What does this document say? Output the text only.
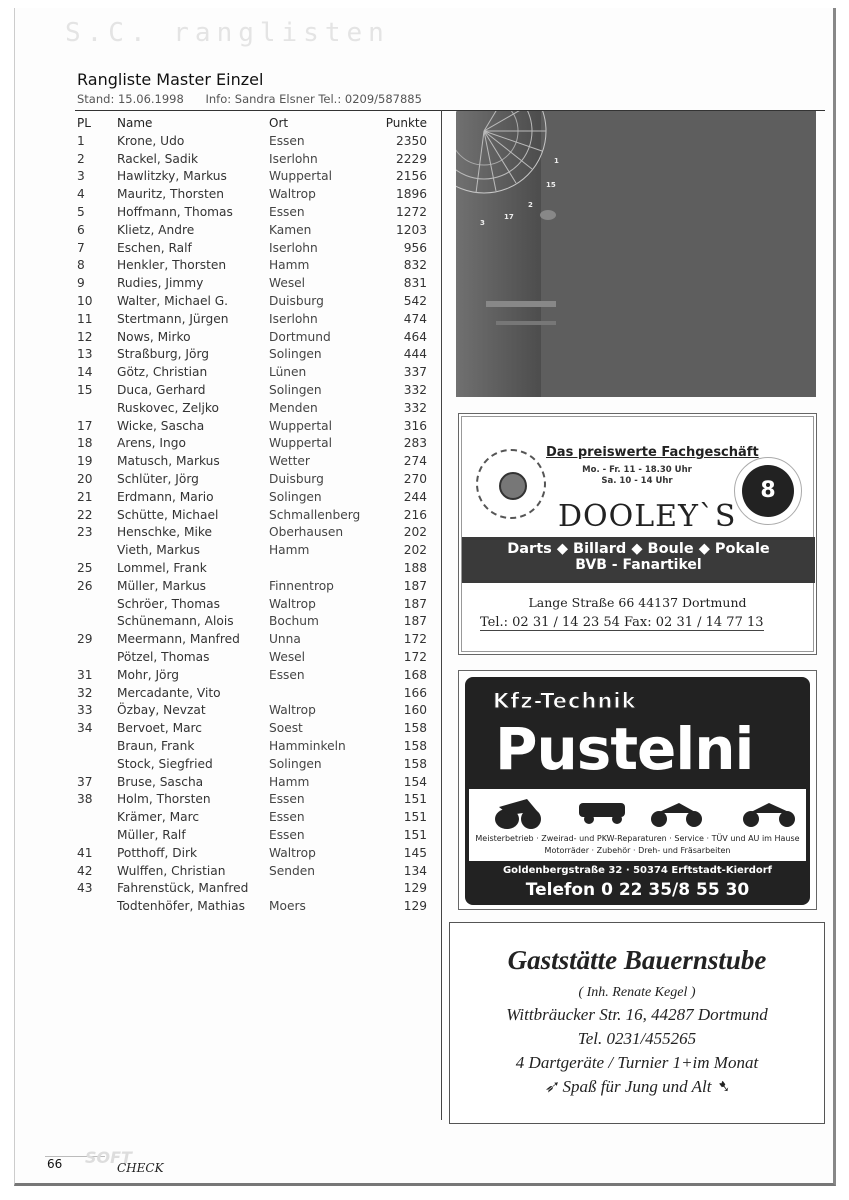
S.C. ranglisten
Rangliste Master Einzel
Stand: 15.06.1998 Info: Sandra Elsner Tel.: 0209/587885
PL	Name	Ort	Punkte
1	Krone, Udo	Essen	2350
2	Rackel, Sadik	Iserlohn	2229
3	Hawlitzky, Markus	Wuppertal	2156
4	Mauritz, Thorsten	Waltrop	1896
5	Hoffmann, Thomas	Essen	1272
6	Klietz, Andre	Kamen	1203
7	Eschen, Ralf	Iserlohn	956
8	Henkler, Thorsten	Hamm	832
9	Rudies, Jimmy	Wesel	831
10	Walter, Michael G.	Duisburg	542
11	Stertmann, Jürgen	Iserlohn	474
12	Nows, Mirko	Dortmund	464
13	Straßburg, Jörg	Solingen	444
14	Götz, Christian	Lünen	337
15	Duca, Gerhard	Solingen	332
	Ruskovec, Zeljko	Menden	332
17	Wicke, Sascha	Wuppertal	316
18	Arens, Ingo	Wuppertal	283
19	Matusch, Markus	Wetter	274
20	Schlüter, Jörg	Duisburg	270
21	Erdmann, Mario	Solingen	244
22	Schütte, Michael	Schmallenberg	216
23	Henschke, Mike	Oberhausen	202
	Vieth, Markus	Hamm	202
25	Lommel, Frank		188
26	Müller, Markus	Finnentrop	187
	Schröer, Thomas	Waltrop	187
	Schünemann, Alois	Bochum	187
29	Meermann, Manfred	Unna	172
	Pötzel, Thomas	Wesel	172
31	Mohr, Jörg	Essen	168
32	Mercadante, Vito		166
33	Özbay, Nevzat	Waltrop	160
34	Bervoet, Marc	Soest	158
	Braun, Frank	Hamminkeln	158
	Stock, Siegfried	Solingen	158
37	Bruse, Sascha	Hamm	154
38	Holm, Thorsten	Essen	151
	Krämer, Marc	Essen	151
	Müller, Ralf	Essen	151
41	Potthoff, Dirk	Waltrop	145
42	Wulffen, Christian	Senden	134
43	Fahrenstück, Manfred		129
	Todtenhöfer, Mathias	Moers	129
15
2
17
3
1
Das preiswerte Fachgeschäft
Mo. - Fr. 11 - 18.30 Uhr
Sa. 10 - 14 Uhr	8
DOOLEY`S
Darts ◆ Billard ◆ Boule ◆ Pokale
BVB - Fanartikel
Lange Straße 66 44137 Dortmund
Tel.: 02 31 / 14 23 54 Fax: 02 31 / 14 77 13
Kfz-Technik
Pustelni
Meisterbetrieb · Zweirad- und PKW-Reparaturen · Service · TÜV und AU im Hause
Motorräder · Zubehör · Dreh- und Fräsarbeiten
Goldenbergstraße 32 · 50374 Erftstadt-Kierdorf
Telefon 0 22 35/8 55 30
Gaststätte Bauernstube
( Inh. Renate Kegel )
Wittbräucker Str. 16, 44287 Dortmund
Tel. 0231/455265
4 Dartgeräte / Turnier 1+im Monat
➶ Spaß für Jung und Alt ➷
66 SOFT
CHECK
